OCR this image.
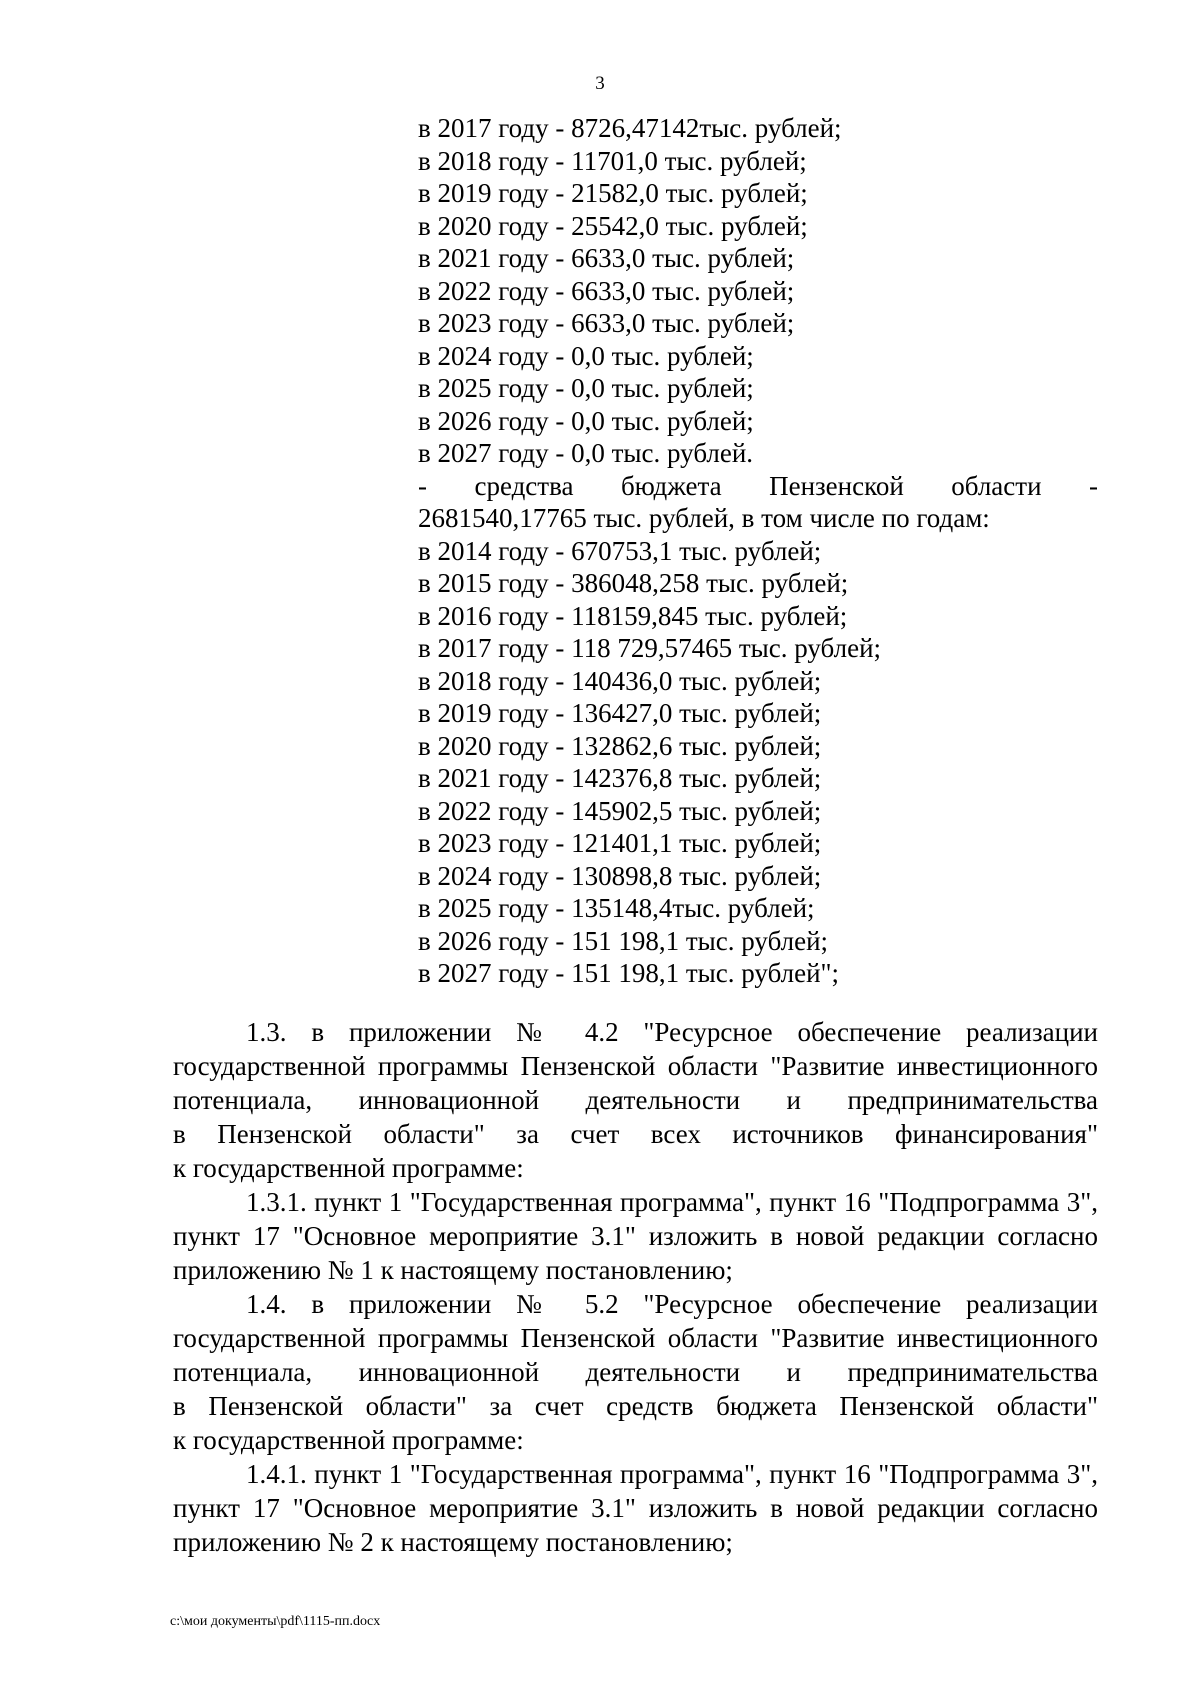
3
в 2017 году - 8726,47142тыс. рублей;
в 2018 году - 11701,0 тыс. рублей;
в 2019 году - 21582,0 тыс. рублей;
в 2020 году - 25542,0 тыс. рублей;
в 2021 году - 6633,0 тыс. рублей;
в 2022 году - 6633,0 тыс. рублей;
в 2023 году - 6633,0 тыс. рублей;
в 2024 году - 0,0 тыс. рублей;
в 2025 году - 0,0 тыс. рублей;
в 2026 году - 0,0 тыс. рублей;
в 2027 году - 0,0 тыс. рублей.
- средства бюджета Пензенской области -
2681540,17765 тыс. рублей, в том числе по годам:
в 2014 году - 670753,1 тыс. рублей;
в 2015 году - 386048,258 тыс. рублей;
в 2016 году - 118159,845 тыс. рублей;
в 2017 году - 118 729,57465 тыс. рублей;
в 2018 году - 140436,0 тыс. рублей;
в 2019 году - 136427,0 тыс. рублей;
в 2020 году - 132862,6 тыс. рублей;
в 2021 году - 142376,8 тыс. рублей;
в 2022 году - 145902,5 тыс. рублей;
в 2023 году - 121401,1 тыс. рублей;
в 2024 году - 130898,8 тыс. рублей;
в 2025 году - 135148,4тыс. рублей;
в 2026 году - 151 198,1 тыс. рублей;
в 2027 году - 151 198,1 тыс. рублей";
1.3. в приложении № 4.2 "Ресурсное обеспечение реализации
государственной программы Пензенской области "Развитие инвестиционного
потенциала, инновационной деятельности и предпринимательства
в Пензенской области" за счет всех источников финансирования"
к государственной программе:
1.3.1. пункт 1 "Государственная программа", пункт 16 "Подпрограмма 3",
пункт 17 "Основное мероприятие 3.1" изложить в новой редакции согласно
приложению № 1 к настоящему постановлению;
1.4. в приложении № 5.2 "Ресурсное обеспечение реализации
государственной программы Пензенской области "Развитие инвестиционного
потенциала, инновационной деятельности и предпринимательства
в Пензенской области" за счет средств бюджета Пензенской области"
к государственной программе:
1.4.1. пункт 1 "Государственная программа", пункт 16 "Подпрограмма 3",
пункт 17 "Основное мероприятие 3.1" изложить в новой редакции согласно
приложению № 2 к настоящему постановлению;
c:\мои документы\pdf\1115-пп.docx
